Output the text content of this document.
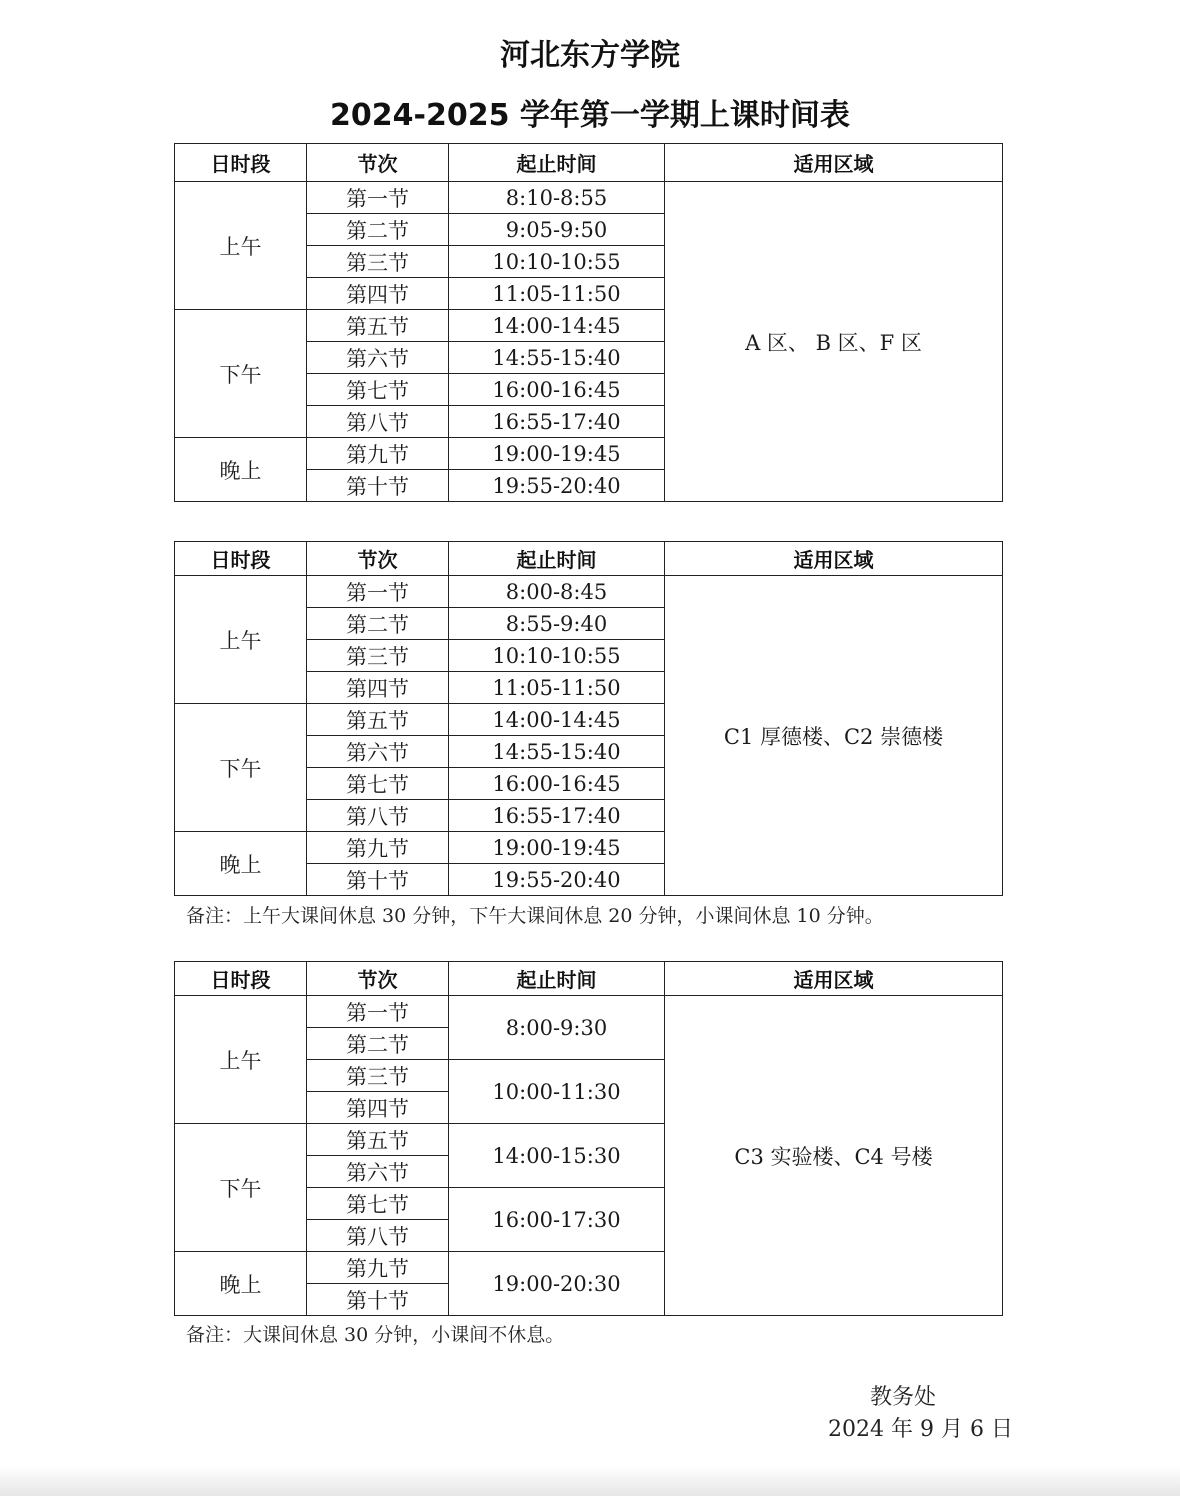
河北东方学院
2024-2025 学年第一学期上课时间表
日时段	节次	起止时间	适用区域
上午	第一节	8:10-8:55	A 区、 B 区、F 区
	第二节	9:05-9:50	
	第三节	10:10-10:55	
	第四节	11:05-11:50	
下午	第五节	14:00-14:45	
	第六节	14:55-15:40	
	第七节	16:00-16:45	
	第八节	16:55-17:40	
晚上	第九节	19:00-19:45	
	第十节	19:55-20:40	
日时段	节次	起止时间	适用区域
上午	第一节	8:00-8:45	C1 厚德楼、C2 崇德楼
	第二节	8:55-9:40	
	第三节	10:10-10:55	
	第四节	11:05-11:50	
下午	第五节	14:00-14:45	
	第六节	14:55-15:40	
	第七节	16:00-16:45	
	第八节	16:55-17:40	
晚上	第九节	19:00-19:45	
	第十节	19:55-20:40	
备注：上午大课间休息 30 分钟，下午大课间休息 20 分钟，小课间休息 10 分钟。
日时段	节次	起止时间	适用区域
上午	第一节	8:00-9:30	C3 实验楼、C4 号楼
	第二节		
	第三节	10:00-11:30	
	第四节		
下午	第五节	14:00-15:30	
	第六节		
	第七节	16:00-17:30	
	第八节		
晚上	第九节	19:00-20:30	
	第十节		
备注：大课间休息 30 分钟，小课间不休息。
教务处
2024 年 9 月 6 日
